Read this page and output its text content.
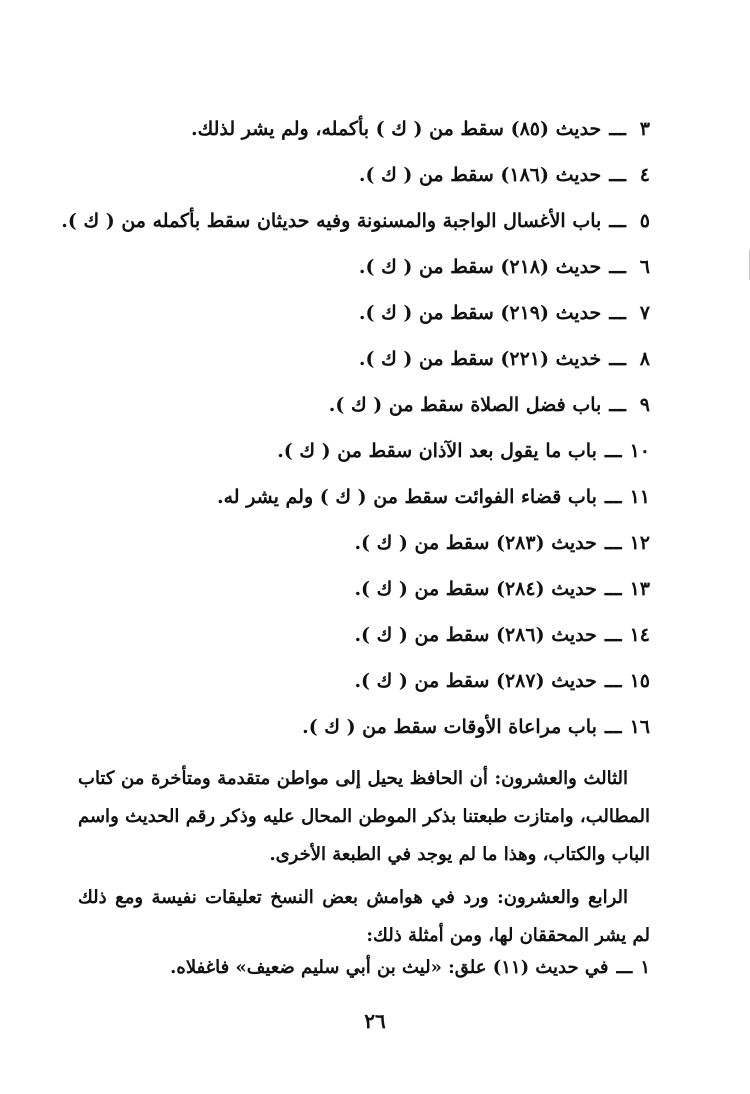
٣ـــحديث (٨٥) سقط من ( ك ) بأكمله، ولم يشر لذلك.
٤ـــحديث (١٨٦) سقط من ( ك ).
٥ـــباب الأغسال الواجبة والمسنونة وفيه حديثان سقط بأكمله من ( ك ).
٦ـــحديث (٢١٨) سقط من ( ك ).
٧ـــحديث (٢١٩) سقط من ( ك ).
٨ـــخديث (٢٢١) سقط من ( ك ).
٩ـــباب فضل الصلاة سقط من ( ك ).
١٠ـــباب ما يقول بعد الآذان سقط من ( ك ).
١١ـــباب قضاء الفوائت سقط من ( ك ) ولم يشر له.
١٢ـــحديث (٢٨٣) سقط من ( ك ).
١٣ـــحديث (٢٨٤) سقط من ( ك ).
١٤ـــحديث (٢٨٦) سقط من ( ك ).
١٥ـــحديث (٢٨٧) سقط من ( ك ).
١٦ـــباب مراعاة الأوقات سقط من ( ك ).

الثالث والعشرون: أن الحافظ يحيل إلى مواطن متقدمة ومتأخرة من كتاب المطالب، وامتازت طبعتنا بذكر الموطن المحال عليه وذكر رقم الحديث واسم الباب والكتاب، وهذا ما لم يوجد في الطبعة الأخرى.

الرابع والعشرون: ورد في هوامش بعض النسخ تعليقات نفيسة ومع ذلك لم يشر المحققان لها، ومن أمثلة ذلك:

١ـــفي حديث (١١) علق: «ليث بن أبي سليم ضعيف» فاغفلاه.
٢٦
